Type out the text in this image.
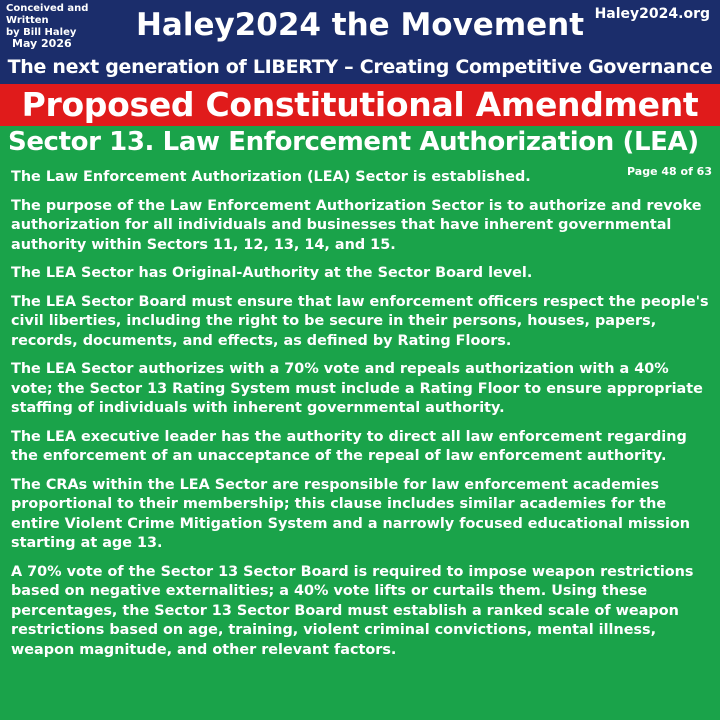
Conceived and Written
by Bill Haley
May 2026
Haley2024 the Movement Haley2024.org
The next generation of LIBERTY – Creating Competitive Governance
Proposed Constitutional Amendment
Sector 13. Law Enforcement Authorization (LEA)
Page 48 of 63

The Law Enforcement Authorization (LEA) Sector is established.

The purpose of the Law Enforcement Authorization Sector is to authorize and revoke authorization for all individuals and businesses that have inherent governmental authority within Sectors 11, 12, 13, 14, and 15.

The LEA Sector has Original-Authority at the Sector Board level.

The LEA Sector Board must ensure that law enforcement officers respect the people's civil liberties, including the right to be secure in their persons, houses, papers, records, documents, and effects, as defined by Rating Floors.

The LEA Sector authorizes with a 70% vote and repeals authorization with a 40% vote; the Sector 13 Rating System must include a Rating Floor to ensure appropriate staffing of individuals with inherent governmental authority.

The LEA executive leader has the authority to direct all law enforcement regarding the enforcement of an unacceptance of the repeal of law enforcement authority.

The CRAs within the LEA Sector are responsible for law enforcement academies proportional to their membership; this clause includes similar academies for the entire Violent Crime Mitigation System and a narrowly focused educational mission starting at age 13.

A 70% vote of the Sector 13 Sector Board is required to impose weapon restrictions based on negative externalities; a 40% vote lifts or curtails them. Using these percentages, the Sector 13 Sector Board must establish a ranked scale of weapon restrictions based on age, training, violent criminal convictions, mental illness, weapon magnitude, and other relevant factors.
